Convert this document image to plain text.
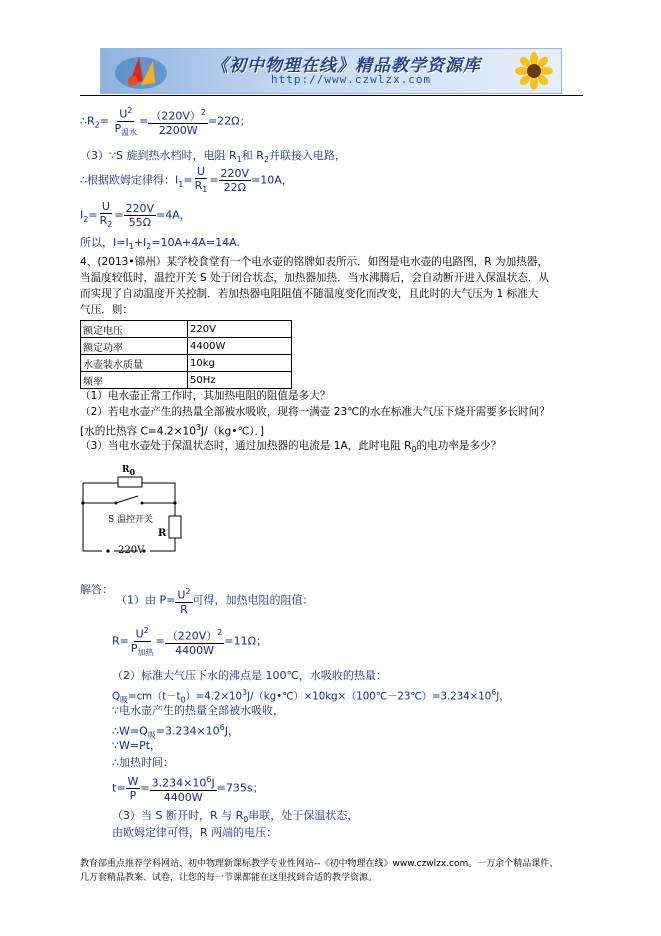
《初中物理在线》精品教学资源库
http://www.czwlzx.com
$\therefore R_2= \frac{U^2}{P_{温水}} = \frac{(220V)^2}{2200W} =22\Omega$；
（3）∵S 旋到热水档时，电阻 $R_1$和 $R_2$并联接入电路，
∴根据欧姆定律得：$I_1= \frac{U}{R_1} = \frac{220V}{22\Omega} =10A$，
$I_2= \frac{U}{R_2} = \frac{220V}{55\Omega} =4A$，
所以，$I=I_1+I_2=10A+4A=14A$.
4、(2013•锦州）某学校食堂有一个电水壶的铭牌如表所示．如图是电水壶的电路图，R 为加热器，
当温度较低时，温控开关 S 处于闭合状态，加热器加热．当水沸腾后，会自动断开进入保温状态．从
而实现了自动温度开关控制．若加热器电阻阻值不随温度变化而改变，且此时的大气压为 1 标准大
气压．则：
额定电压	220V
额定功率	4400W
水壶装水质量	10kg
频率	50Hz
（1）电水壶正常工作时，其加热电阻的阻值是多大？
（2）若电水壶产生的热量全部被水吸收，现将一满壶 23℃的水在标准大气压下烧开需要多长时间？
[水的比热容 $C=4.2\times 10^3J/(kg•℃)$．]
（3）当电水壶处于保温状态时，通过加热器的电流是 1A，此时电阻 $R_0$的电功率是多少？
$R_0$
S 温控开关
R
220V
解答：
（1）由 $P= \frac{U^2}{R}$ 可得，加热电阻的阻值：
$R= \frac{U^2}{P_{加热}} = \frac{(220V)^2}{4400W} =11\Omega$；
（2）标准大气压下水的沸点是 100℃，水吸收的热量：
$Q_吸=cm(t-t_0)=4.2\times 10^3J/(kg•℃)\times 10kg\times(100℃-23℃)=3.234\times 10^6J$，
∵电水壶产生的热量全部被水吸收，
$\therefore W=Q_吸=3.234\times 10^6J$，
∵W=Pt，
∴加热时间：
$t= \frac{W}{P} = \frac{3.234\times 10^6J}{4400W} =735s$；
（3）当 S 断开时，R 与 $R_0$串联，处于保温状态，
由欧姆定律可得，R 两端的电压：
教育部重点推荐学科网站、初中物理新课标教学专业性网站--《初中物理在线》www.czwlzx.com。一万余个精品课件、
几万套精品教案、试卷，让您的每一节课都能在这里找到合适的教学资源。
